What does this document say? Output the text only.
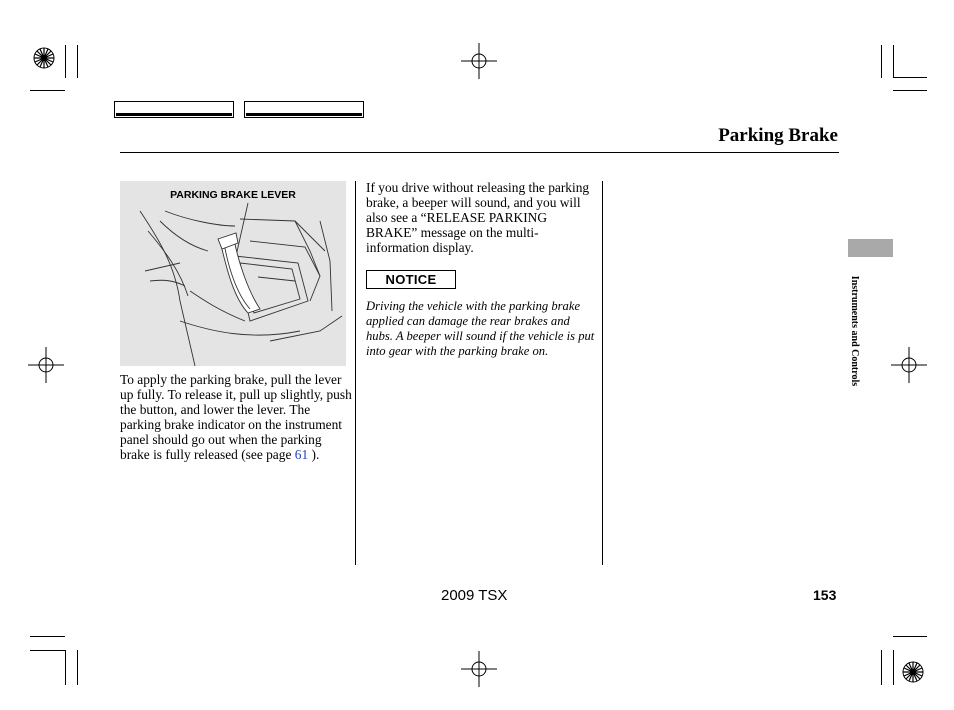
Parking Brake
PARKING BRAKE LEVER
To apply the parking brake, pull the lever up fully. To release it, pull up slightly, push the button, and lower the lever. The parking brake indicator on the instrument panel should go out when the parking brake is fully released (see page 61 ).
If you drive without releasing the parking brake, a beeper will sound, and you will also see a “RELEASE PARKING BRAKE” message on the multi-information display.
NOTICE
Driving the vehicle with the parking brake applied can damage the rear brakes and hubs. A beeper will sound if the vehicle is put into gear with the parking brake on.	Instruments and Controls
2009 TSX	153
